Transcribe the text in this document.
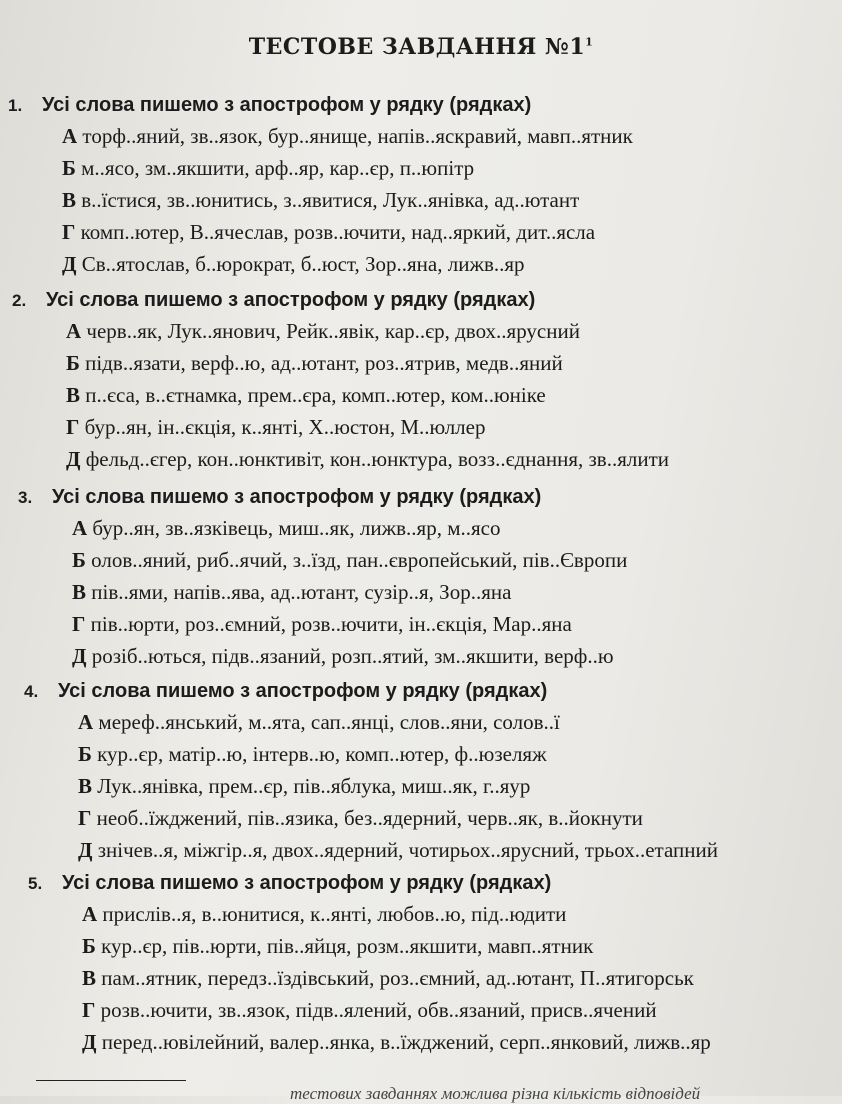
ТЕСТОВЕ ЗАВДАННЯ $№1^1$
1. Усі слова пишемо з апострофом у рядку (рядках)
А торф..яний, зв..язок, бур..янище, напів..яскравий, мавп..ятник
Б м..ясо, зм..якшити, арф..яр, кар..єр, п..юпітр
В в..їстися, зв..юнитись, з..явитися, Лук..янівка, ад..ютант
Г комп..ютер, В..ячеслав, розв..ючити, над..яркий, дит..ясла
Д Св..ятослав, б..юрократ, б..юст, Зор..яна, лижв..яр
2. Усі слова пишемо з апострофом у рядку (рядках)
А черв..як, Лук..янович, Рейк..явік, кар..єр, двох..ярусний
Б підв..язати, верф..ю, ад..ютант, роз..ятрив, медв..яний
В п..єса, в..єтнамка, прем..єра, комп..ютер, ком..юніке
Г бур..ян, ін..єкція, к..янті, Х..юстон, М..юллер
Д фельд..єгер, кон..юнктивіт, кон..юнктура, возз..єднання, зв..ялити
3. Усі слова пишемо з апострофом у рядку (рядках)
А бур..ян, зв..язківець, миш..як, лижв..яр, м..ясо
Б олов..яний, риб..ячий, з..їзд, пан..європейський, пів..Європи
В пів..ями, напів..ява, ад..ютант, сузір..я, Зор..яна
Г пів..юрти, роз..ємний, розв..ючити, ін..єкція, Мар..яна
Д розіб..ються, підв..язаний, розп..ятий, зм..якшити, верф..ю
4. Усі слова пишемо з апострофом у рядку (рядках)
А мереф..янський, м..ята, сап..янці, слов..яни, солов..ї
Б кур..єр, матір..ю, інтерв..ю, комп..ютер, ф..юзеляж
В Лук..янівка, прем..єр, пів..яблука, миш..як, г..яур
Г необ..їжджений, пів..язика, без..ядерний, черв..як, в..йокнути
Д знічев..я, міжгір..я, двох..ядерний, чотирьох..ярусний, трьох..етапний
5. Усі слова пишемо з апострофом у рядку (рядках)
А прислів..я, в..юнитися, к..янті, любов..ю, під..юдити
Б кур..єр, пів..юрти, пів..яйця, розм..якшити, мавп..ятник
В пам..ятник, передз..їздівський, роз..ємний, ад..ютант, П..ятигорськ
Г розв..ючити, зв..язок, підв..ялений, обв..язаний, присв..ячений
Д перед..ювілейний, валер..янка, в..їжджений, серп..янковий, лижв..яр
тестових завданнях можлива різна кількість відповідей
